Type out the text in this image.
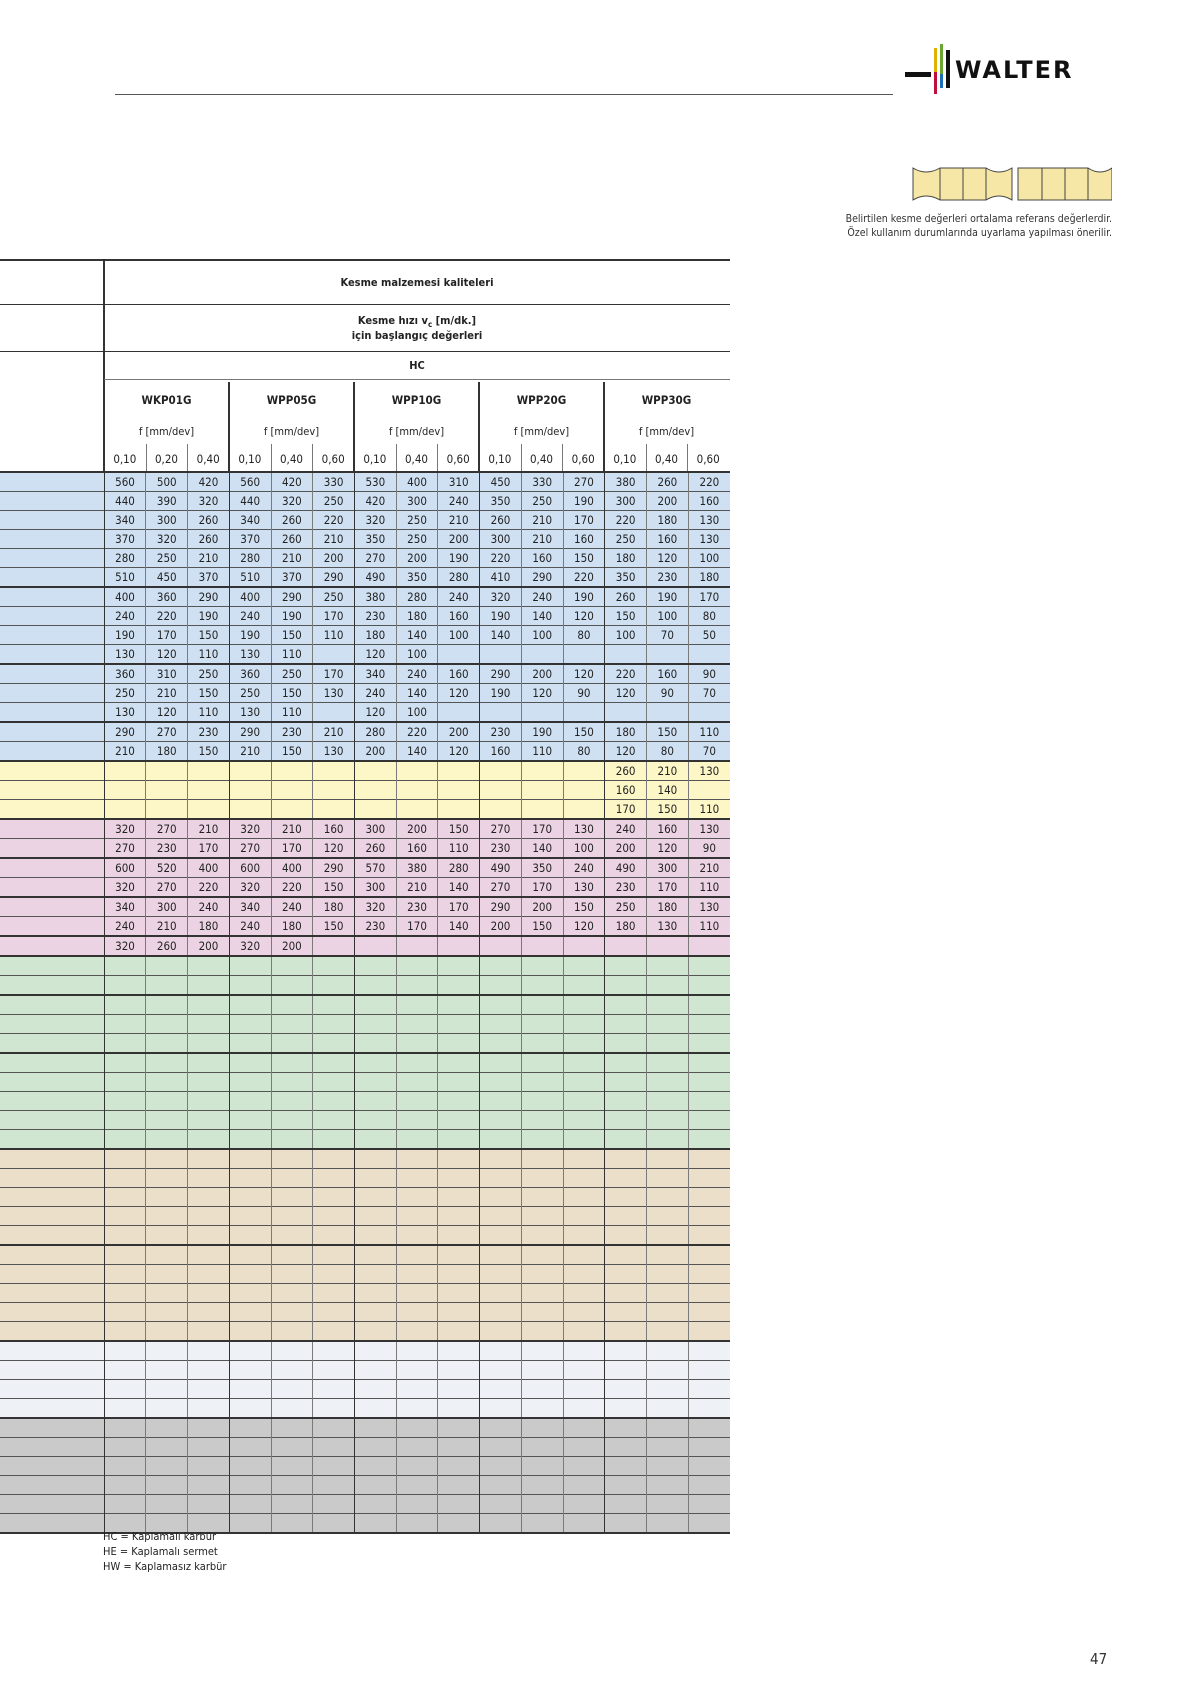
WALTER
Belirtilen kesme değerleri ortalama referans değerlerdir.
Özel kullanım durumlarında uyarlama yapılması önerilir.
Kesme malzemesi kaliteleri
Kesme hızı $v_c$ [m/dk.]
için başlangıç değerleri
HC
WKP01G
f [mm/dev]
0,10	0,20	0,40
WPP05G
f [mm/dev]
0,10	0,40	0,60
WPP10G
f [mm/dev]
0,10	0,40	0,60
WPP20G
f [mm/dev]
0,10	0,40	0,60
WPP30G
f [mm/dev]
0,10	0,40	0,60
	560	500	420	560	420	330	530	400	310	450	330	270	380	260	220
	440	390	320	440	320	250	420	300	240	350	250	190	300	200	160
	340	300	260	340	260	220	320	250	210	260	210	170	220	180	130
	370	320	260	370	260	210	350	250	200	300	210	160	250	160	130
	280	250	210	280	210	200	270	200	190	220	160	150	180	120	100
	510	450	370	510	370	290	490	350	280	410	290	220	350	230	180
	400	360	290	400	290	250	380	280	240	320	240	190	260	190	170
	240	220	190	240	190	170	230	180	160	190	140	120	150	100	80
	190	170	150	190	150	110	180	140	100	140	100	80	100	70	50
	130	120	110	130	110		120	100							
	360	310	250	360	250	170	340	240	160	290	200	120	220	160	90
	250	210	150	250	150	130	240	140	120	190	120	90	120	90	70
	130	120	110	130	110		120	100							
	290	270	230	290	230	210	280	220	200	230	190	150	180	150	110
	210	180	150	210	150	130	200	140	120	160	110	80	120	80	70
													260	210	130
													160	140	
													170	150	110
	320	270	210	320	210	160	300	200	150	270	170	130	240	160	130
	270	230	170	270	170	120	260	160	110	230	140	100	200	120	90
	600	520	400	600	400	290	570	380	280	490	350	240	490	300	210
	320	270	220	320	220	150	300	210	140	270	170	130	230	170	110
	340	300	240	340	240	180	320	230	170	290	200	150	250	180	130
	240	210	180	240	180	150	230	170	140	200	150	120	180	130	110
	320	260	200	320	200										

HC = Kaplamalı karbür
HE = Kaplamalı sermet
HW = Kaplamasız karbür
47
